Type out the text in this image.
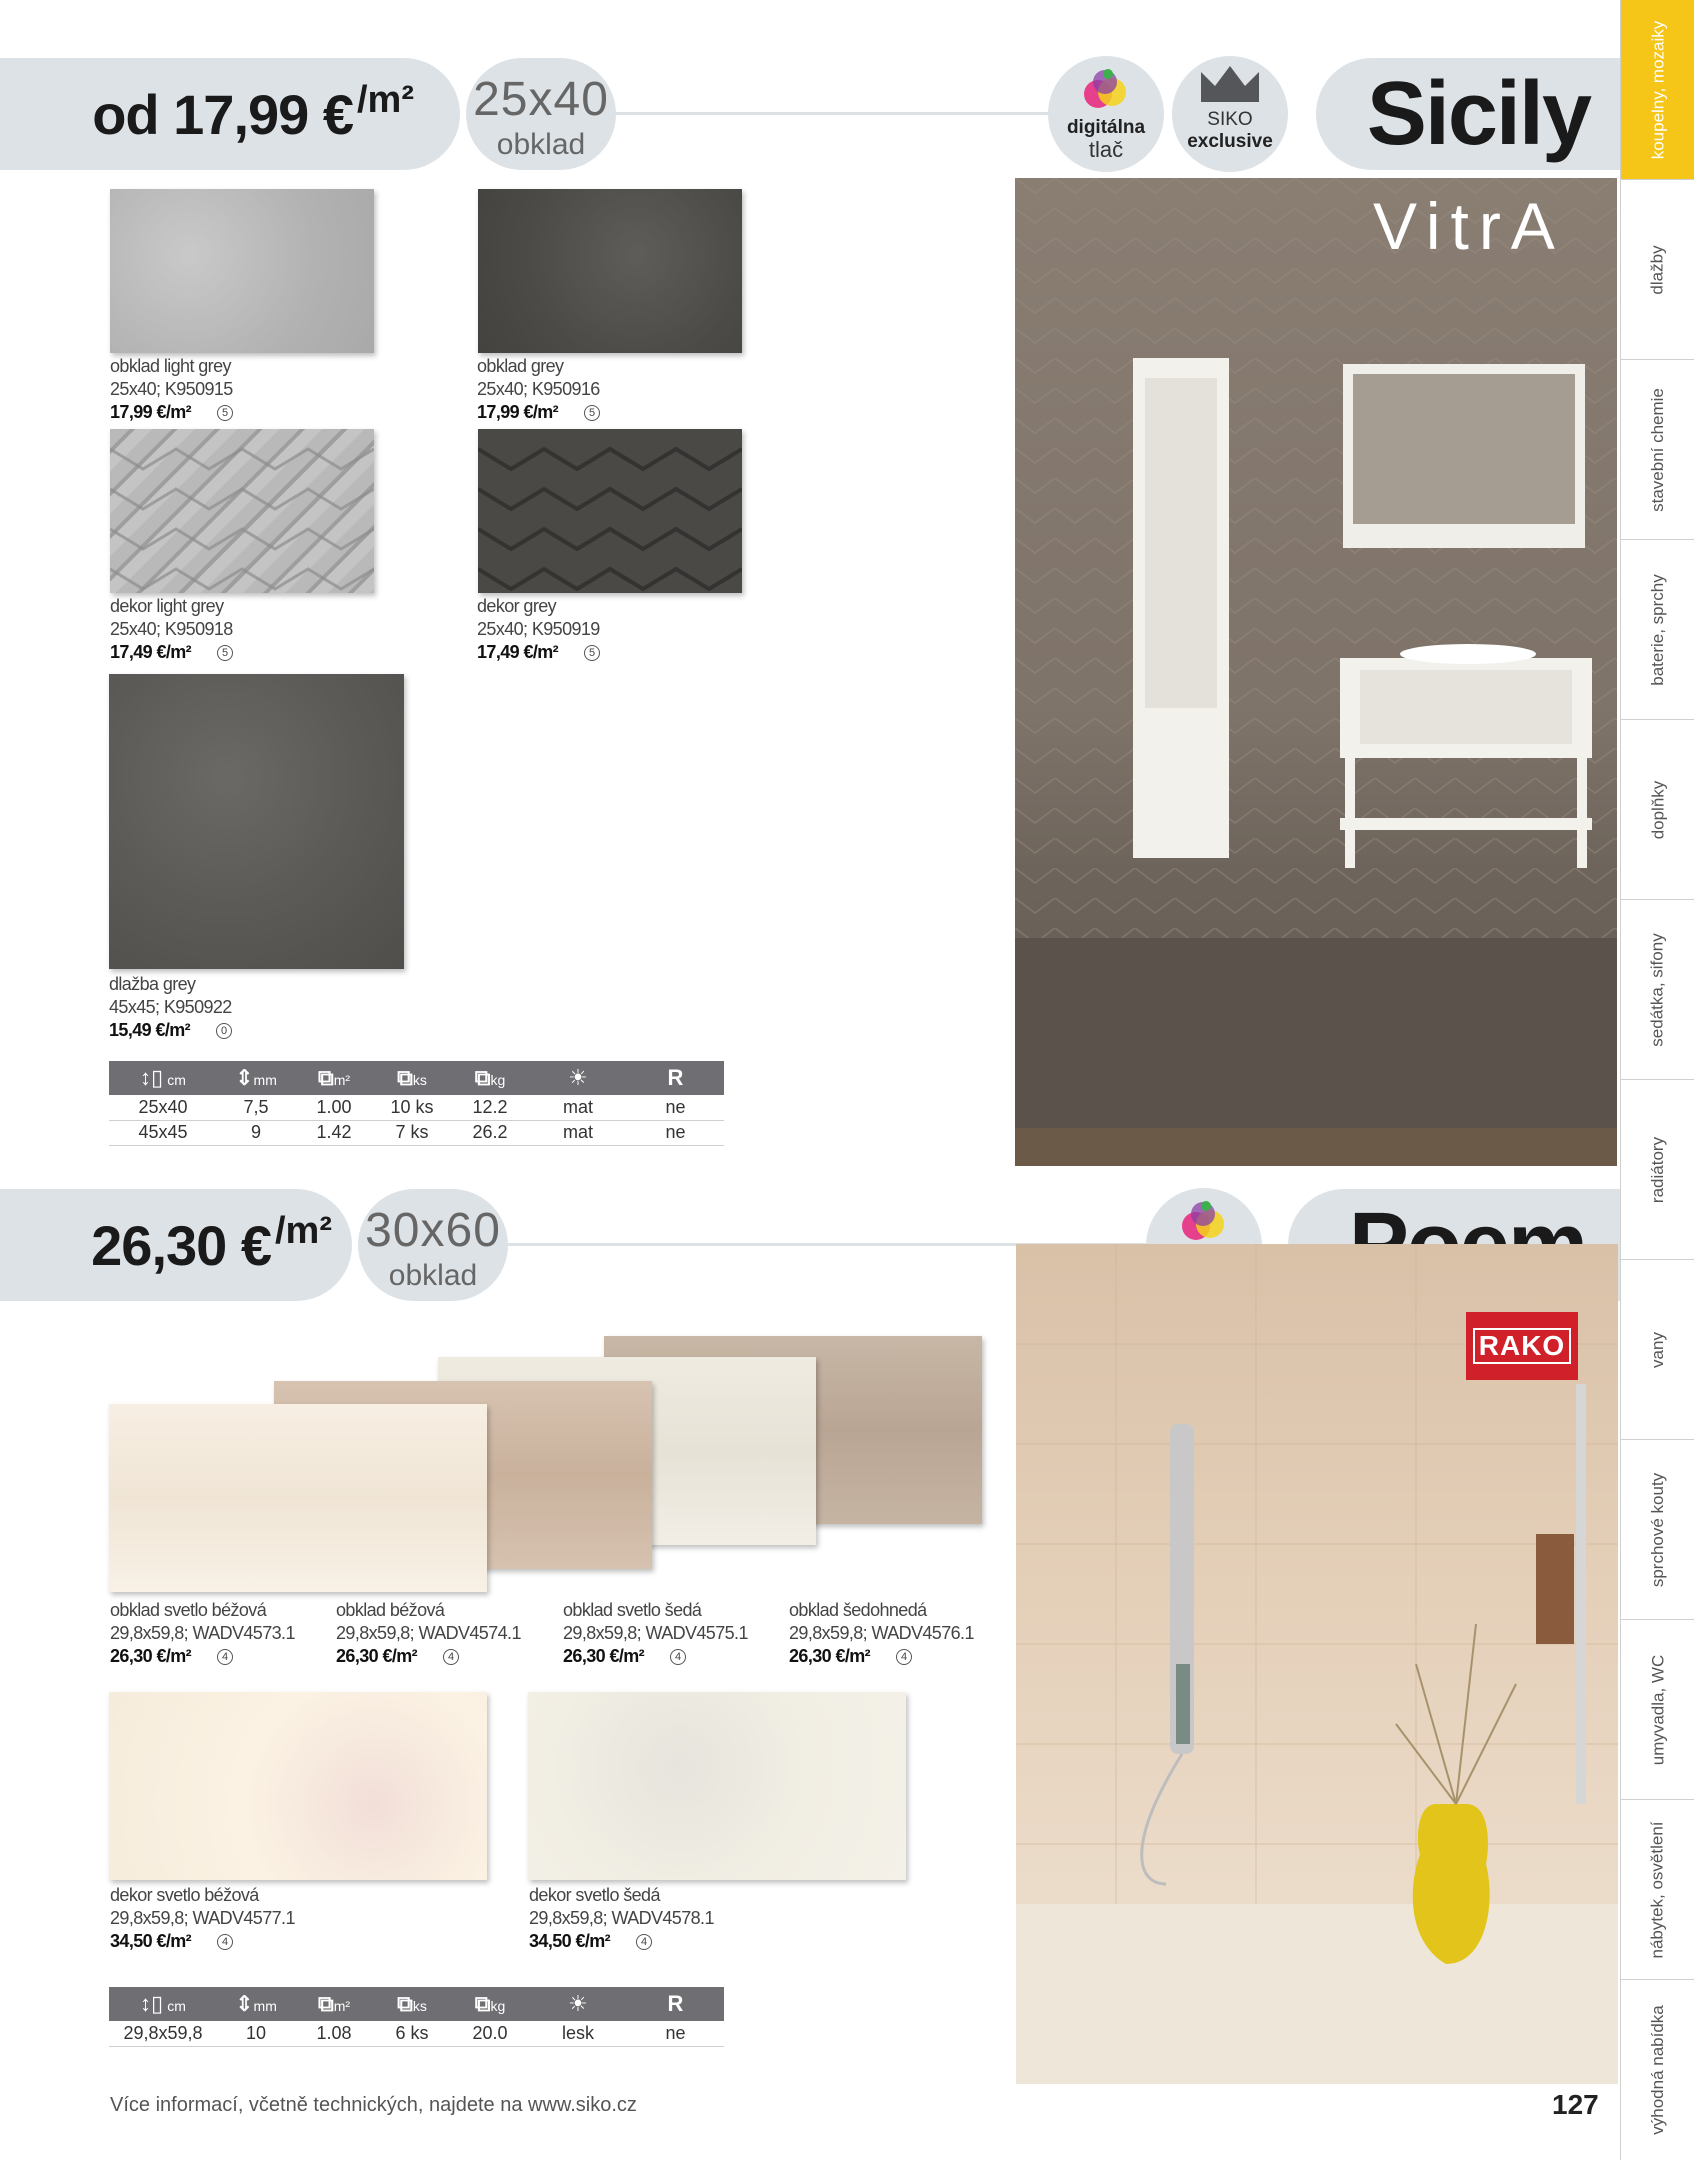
od 17,99 € /m² 25x40
obklad
digitálna
tlač
SIKO
exclusive Sicily
obklad light grey
25x40; K950915
17,99 €/m²	5
obklad grey
25x40; K950916
17,99 €/m²	5
dekor light grey
25x40; K950918
17,49 €/m²	5
dekor grey
25x40; K950919
17,49 €/m²	5
dlažba grey
45x45; K950922
15,49 €/m²	0
↕▯ cm	⇕mm	⧉m²	⧉ks	⧉kg	☀	R
25x40	7,5	1.00	10 ks	12.2	mat	ne
45x45	9	1.42	7 ks	26.2	mat	ne
VitrA
26,30 € /m² 30x60
obklad
obklad svetlo béžová
29,8x59,8; WADV4573.1
26,30 €/m²	4
obklad béžová
29,8x59,8; WADV4574.1
26,30 €/m²	4
obklad svetlo šedá
29,8x59,8; WADV4575.1
26,30 €/m²	4
obklad šedohnedá
29,8x59,8; WADV4576.1
26,30 €/m²	4
dekor svetlo béžová
29,8x59,8; WADV4577.1
34,50 €/m²	4
dekor svetlo šedá
29,8x59,8; WADV4578.1
34,50 €/m²	4
↕▯ cm	⇕mm	⧉m²	⧉ks	⧉kg	☀	R
29,8x59,8	10	1.08	6 ks	20.0	lesk	ne
RAKO
Více informací, včetně technických, najdete na www.siko.cz	127
koupelny, mozaiky
dlažby
stavební chemie
baterie, sprchy
doplňky
sedátka, sifony
radiátory
vany
sprchové kouty
umyvadla, WC
nábytek, osvětlení
výhodná nabídka
